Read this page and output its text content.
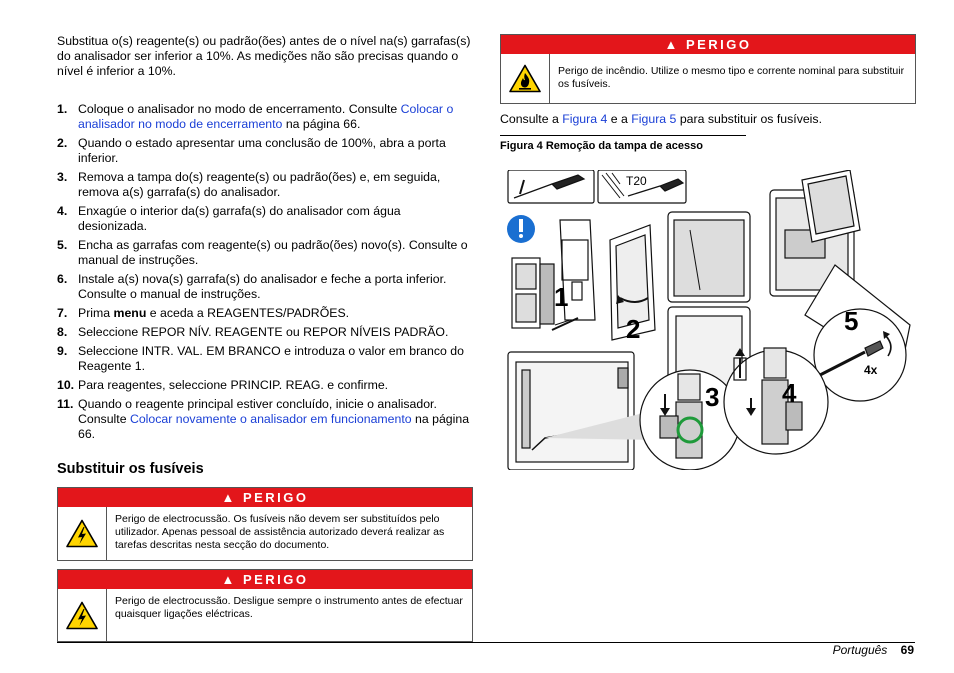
Substitua o(s) reagente(s) ou padrão(ões) antes de o nível na(s) garrafas(s) do analisador ser inferior a 10%. As medições não são precisas quando o nível é inferior a 10%.

1. Coloque o analisador no modo de encerramento. Consulte Colocar o analisador no modo de encerramento na página 66.
2. Quando o estado apresentar uma conclusão de 100%, abra a porta inferior.
3. Remova a tampa do(s) reagente(s) ou padrão(ões) e, em seguida, remova a(s) garrafa(s) do analisador.
4. Enxagúe o interior da(s) garrafa(s) do analisador com água desionizada.
5. Encha as garrafas com reagente(s) ou padrão(ões) novo(s). Consulte o manual de instruções.
6. Instale a(s) nova(s) garrafa(s) do analisador e feche a porta inferior. Consulte o manual de instruções.
7. Prima menu e aceda a REAGENTES/PADRÕES.
8. Seleccione REPOR NÍV. REAGENTE ou REPOR NÍVEIS PADRÃO.
9. Seleccione INTR. VAL. EM BRANCO e introduza o valor em branco do Reagente 1.
10. Para reagentes, seleccione PRINCIP. REAG. e confirme.
11. Quando o reagente principal estiver concluído, inicie o analisador. Consulte Colocar novamente o analisador em funcionamento na página 66.
Substituir os fusíveis
▲ PERIGO
Perigo de electrocussão. Os fusíveis não devem ser substituídos pelo utilizador. Apenas pessoal de assistência autorizado deverá realizar as tarefas descritas nesta secção do documento.
▲ PERIGO
Perigo de electrocussão. Desligue sempre o instrumento antes de efectuar quaisquer ligações eléctricas.
▲ PERIGO
Perigo de incêndio. Utilize o mesmo tipo e corrente nominal para substituir os fusíveis.

Consulte a Figura 4 e a Figura 5 para substituir os fusíveis.

Figura 4 Remoção da tampa de acesso
T20
1
2
3 4
5
4x
Português 69
